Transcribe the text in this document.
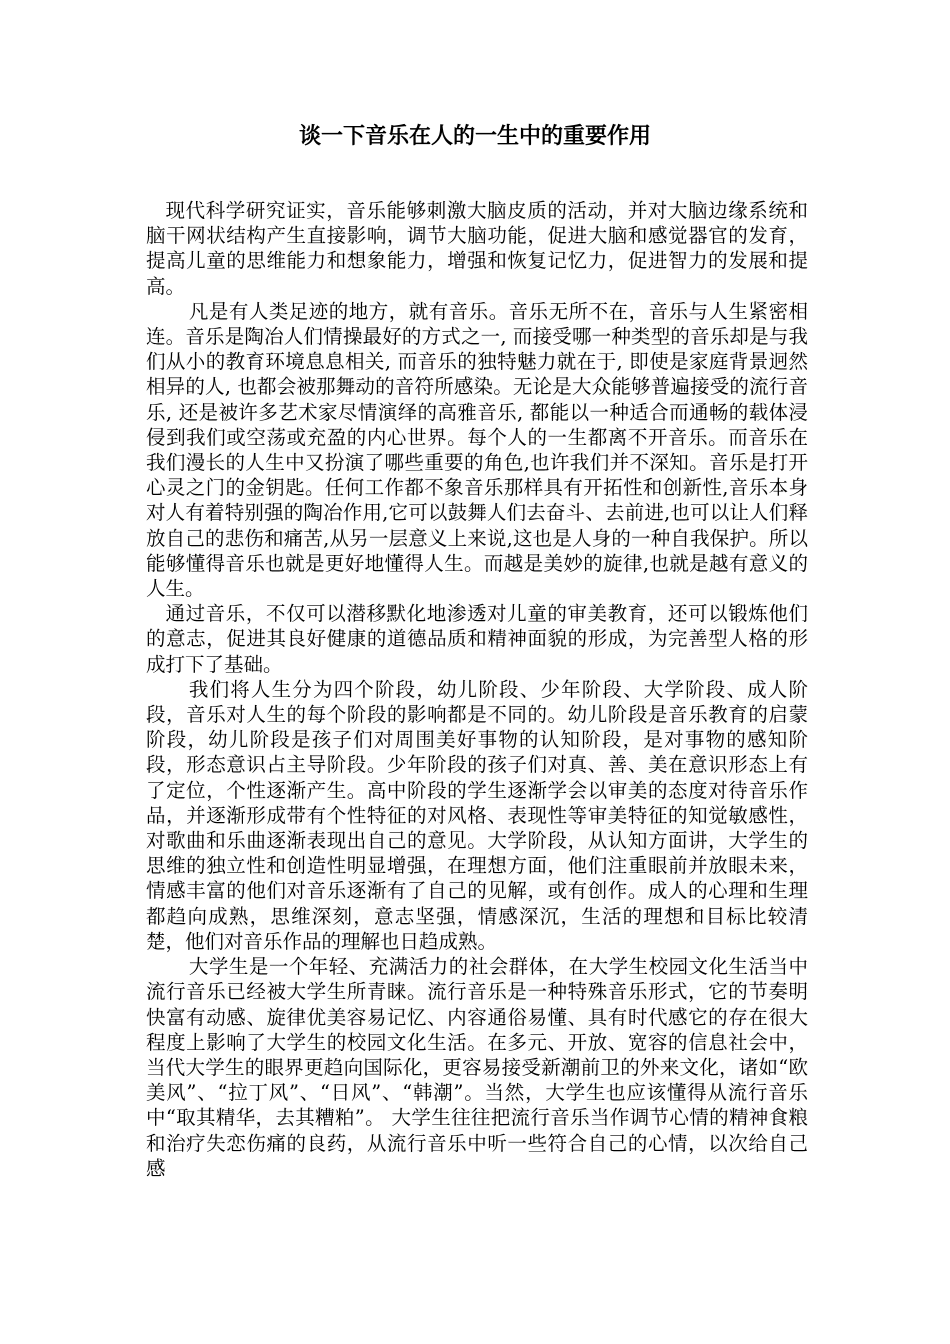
谈一下音乐在人的一生中的重要作用

现代科学研究证实，音乐能够刺激大脑皮质的活动，并对大脑边缘系统和脑干网状结构产生直接影响，调节大脑功能，促进大脑和感觉器官的发育，提高儿童的思维能力和想象能力，增强和恢复记忆力，促进智力的发展和提高。

凡是有人类足迹的地方，就有音乐。音乐无所不在，音乐与人生紧密相连。音乐是陶冶人们情操最好的方式之一, 而接受哪一种类型的音乐却是与我们从小的教育环境息息相关, 而音乐的独特魅力就在于, 即使是家庭背景迥然相异的人, 也都会被那舞动的音符所感染。无论是大众能够普遍接受的流行音乐, 还是被许多艺术家尽情演绎的高雅音乐, 都能以一种适合而通畅的载体浸侵到我们或空荡或充盈的内心世界。每个人的一生都离不开音乐。而音乐在我们漫长的人生中又扮演了哪些重要的角色,也许我们并不深知。音乐是打开心灵之门的金钥匙。任何工作都不象音乐那样具有开拓性和创新性,音乐本身对人有着特别强的陶冶作用,它可以鼓舞人们去奋斗、去前进,也可以让人们释放自己的悲伤和痛苦,从另一层意义上来说,这也是人身的一种自我保护。所以能够懂得音乐也就是更好地懂得人生。而越是美妙的旋律,也就是越有意义的人生。

通过音乐，不仅可以潜移默化地渗透对儿童的审美教育，还可以锻炼他们的意志，促进其良好健康的道德品质和精神面貌的形成，为完善型人格的形成打下了基础。

我们将人生分为四个阶段，幼儿阶段、少年阶段、大学阶段、成人阶段，音乐对人生的每个阶段的影响都是不同的。幼儿阶段是音乐教育的启蒙阶段，幼儿阶段是孩子们对周围美好事物的认知阶段，是对事物的感知阶段，形态意识占主导阶段。少年阶段的孩子们对真、善、美在意识形态上有了定位，个性逐渐产生。高中阶段的学生逐渐学会以审美的态度对待音乐作品，并逐渐形成带有个性特征的对风格、表现性等审美特征的知觉敏感性，对歌曲和乐曲逐渐表现出自己的意见。大学阶段，从认知方面讲，大学生的思维的独立性和创造性明显增强，在理想方面，他们注重眼前并放眼未来，情感丰富的他们对音乐逐渐有了自己的见解，或有创作。成人的心理和生理都趋向成熟，思维深刻，意志坚强，情感深沉，生活的理想和目标比较清楚，他们对音乐作品的理解也日趋成熟。

大学生是一个年轻、充满活力的社会群体，在大学生校园文化生活当中流行音乐已经被大学生所青睐。流行音乐是一种特殊音乐形式，它的节奏明快富有动感、旋律优美容易记忆、内容通俗易懂、具有时代感它的存在很大程度上影响了大学生的校园文化生活。在多元、开放、宽容的信息社会中，当代大学生的眼界更趋向国际化，更容易接受新潮前卫的外来文化，诸如“欧美风”、“拉丁风”、“日风”、“韩潮”。当然，大学生也应该懂得从流行音乐中“取其精华，去其糟粕”。 大学生往往把流行音乐当作调节心情的精神食粮和治疗失恋伤痛的良药，从流行音乐中听一些符合自己的心情，以次给自己感
